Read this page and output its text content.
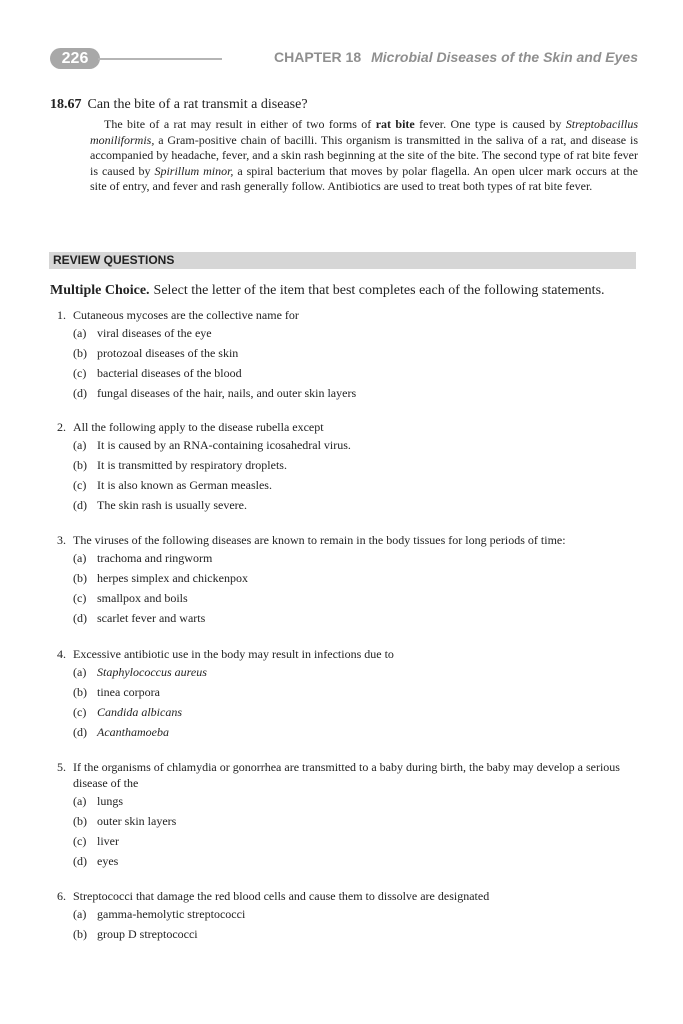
226	CHAPTER 18 Microbial Diseases of the Skin and Eyes
18.67 Can the bite of a rat transmit a disease?
The bite of a rat may result in either of two forms of rat bite fever. One type is caused by Streptobacillus moniliformis, a Gram-positive chain of bacilli. This organism is transmitted in the saliva of a rat, and disease is accompanied by headache, fever, and a skin rash beginning at the site of the bite. The second type of rat bite fever is caused by Spirillum minor, a spiral bacterium that moves by polar flagella. An open ulcer mark occurs at the site of entry, and fever and rash generally follow. Antibiotics are used to treat both types of rat bite fever.
REVIEW QUESTIONS
Multiple Choice. Select the letter of the item that best completes each of the following statements.
1. Cutaneous mycoses are the collective name for
(a) viral diseases of the eye
(b) protozoal diseases of the skin
(c) bacterial diseases of the blood
(d) fungal diseases of the hair, nails, and outer skin layers
2. All the following apply to the disease rubella except
(a) It is caused by an RNA-containing icosahedral virus.
(b) It is transmitted by respiratory droplets.
(c) It is also known as German measles.
(d) The skin rash is usually severe.
3. The viruses of the following diseases are known to remain in the body tissues for long periods of time:
(a) trachoma and ringworm
(b) herpes simplex and chickenpox
(c) smallpox and boils
(d) scarlet fever and warts
4. Excessive antibiotic use in the body may result in infections due to
(a) Staphylococcus aureus
(b) tinea corpora
(c) Candida albicans
(d) Acanthamoeba
5. If the organisms of chlamydia or gonorrhea are transmitted to a baby during birth, the baby may develop a serious disease of the
(a) lungs
(b) outer skin layers
(c) liver
(d) eyes
6. Streptococci that damage the red blood cells and cause them to dissolve are designated
(a) gamma-hemolytic streptococci
(b) group D streptococci
